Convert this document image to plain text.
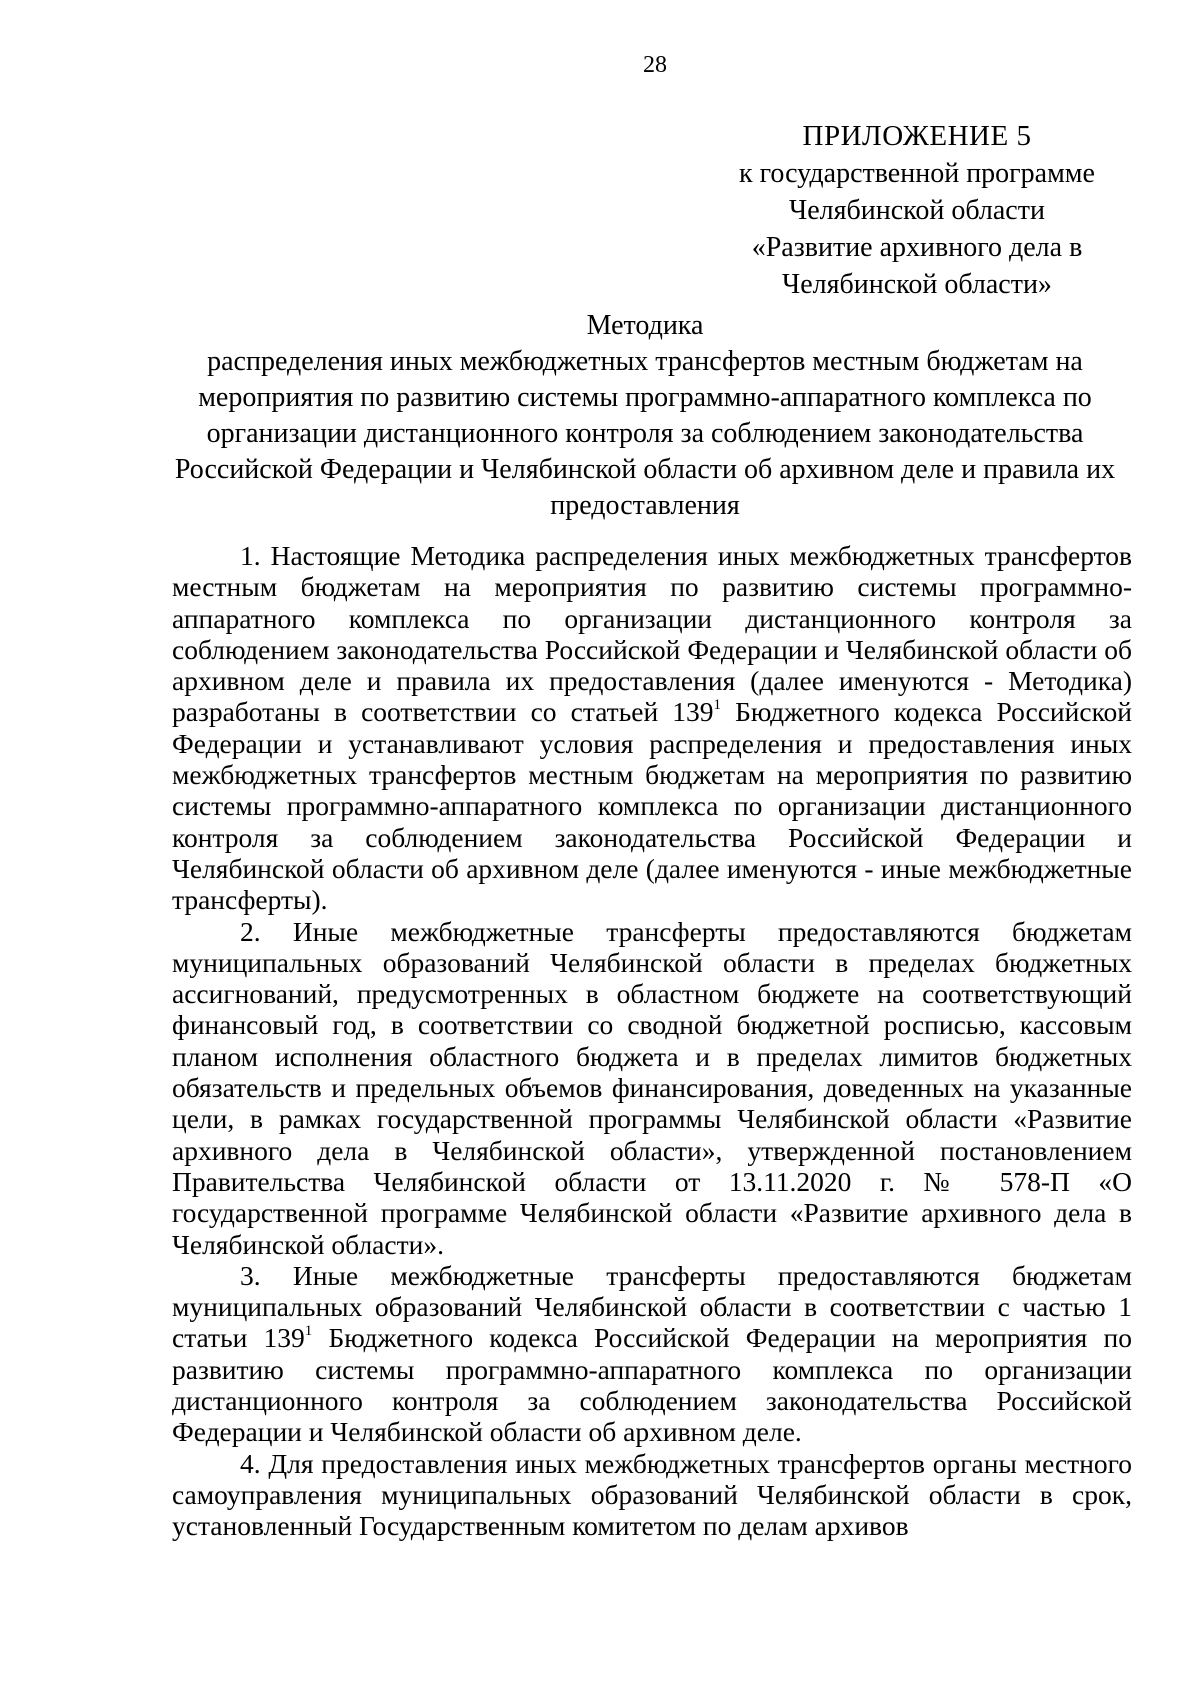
28
ПРИЛОЖЕНИЕ 5
к государственной программе
Челябинской области
«Развитие архивного дела в
Челябинской области»
Методика
распределения иных межбюджетных трансфертов местным бюджетам на мероприятия по развитию системы программно-аппаратного комплекса по организации дистанционного контроля за соблюдением законодательства Российской Федерации и Челябинской области об архивном деле и правила их предоставления

1. Настоящие Методика распределения иных межбюджетных трансфертов местным бюджетам на мероприятия по развитию системы программно-аппаратного комплекса по организации дистанционного контроля за соблюдением законодательства Российской Федерации и Челябинской области об архивном деле и правила их предоставления (далее именуются - Методика) разработаны в соответствии со статьей $139^1$ Бюджетного кодекса Российской Федерации и устанавливают условия распределения и предоставления иных межбюджетных трансфертов местным бюджетам на мероприятия по развитию системы программно-аппаратного комплекса по организации дистанционного контроля за соблюдением законодательства Российской Федерации и Челябинской области об архивном деле (далее именуются - иные межбюджетные трансферты).

2. Иные межбюджетные трансферты предоставляются бюджетам муниципальных образований Челябинской области в пределах бюджетных ассигнований, предусмотренных в областном бюджете на соответствующий финансовый год, в соответствии со сводной бюджетной росписью, кассовым планом исполнения областного бюджета и в пределах лимитов бюджетных обязательств и предельных объемов финансирования, доведенных на указанные цели, в рамках государственной программы Челябинской области «Развитие архивного дела в Челябинской области», утвержденной постановлением Правительства Челябинской области от 13.11.2020 г. № 578-П «О государственной программе Челябинской области «Развитие архивного дела в Челябинской области».

3. Иные межбюджетные трансферты предоставляются бюджетам муниципальных образований Челябинской области в соответствии с частью 1 статьи $139^1$ Бюджетного кодекса Российской Федерации на мероприятия по развитию системы программно-аппаратного комплекса по организации дистанционного контроля за соблюдением законодательства Российской Федерации и Челябинской области об архивном деле.

4. Для предоставления иных межбюджетных трансфертов органы местного самоуправления муниципальных образований Челябинской области в срок, установленный Государственным комитетом по делам архивов
